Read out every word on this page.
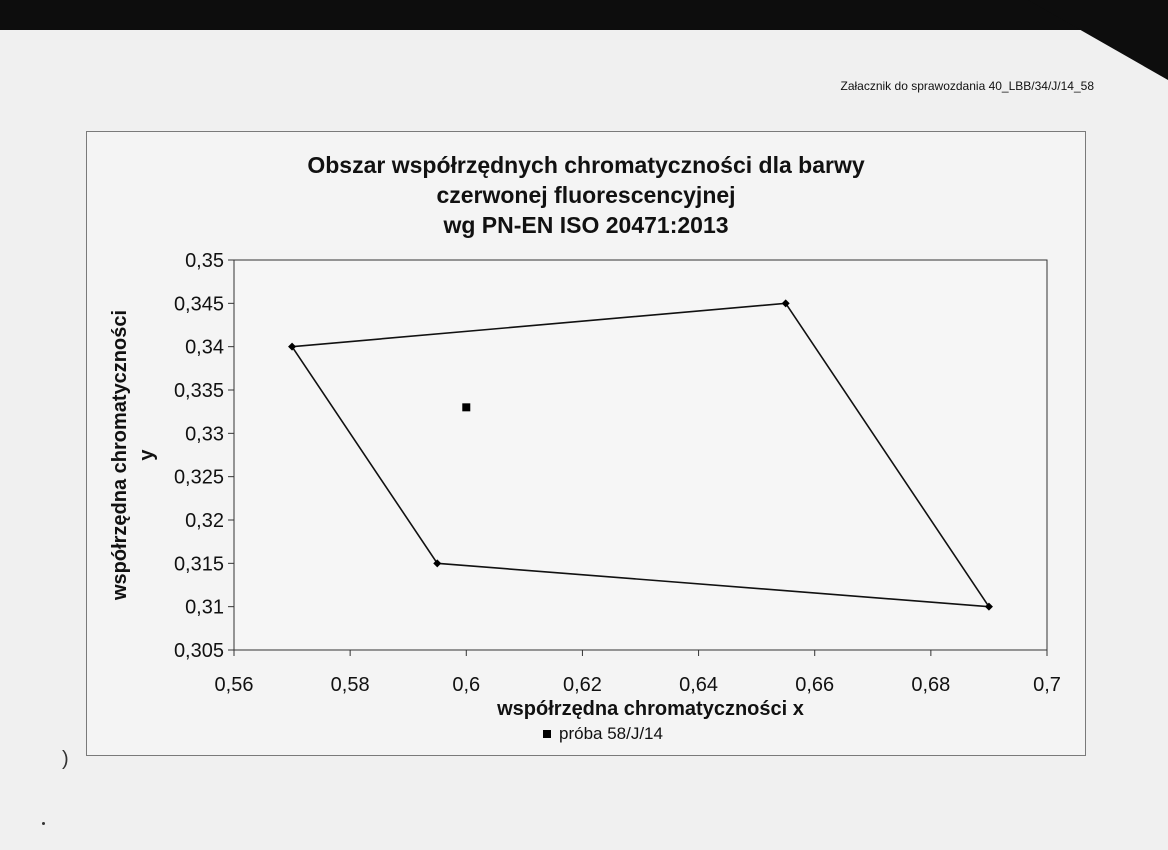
Załacznik do sprawozdania 40_LBB/34/J/14_58
Obszar współrzędnych chromatyczności dla barwy
czerwonej fluorescencyjnej
wg PN-EN ISO 20471:2013
0,56	0,58	0,6	0,62	0,64	0,66	0,68	0,7
0,305
0,31
0,315
0,32
0,325
0,33
0,335
0,34
0,345
0,35
współrzędna chromatyczności x
współrzędna chromatyczności y
próba 58/J/14
)
